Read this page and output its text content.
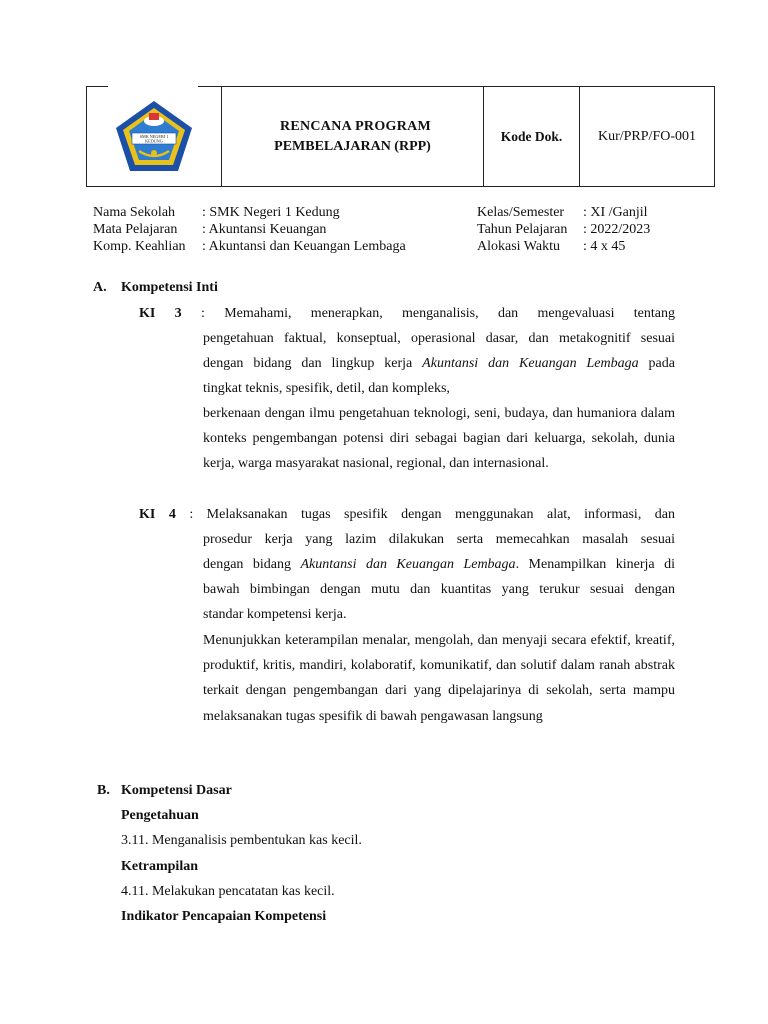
SMK NEGERI 1
KEDUNG
RENCANA PROGRAM
PEMBELAJARAN (RPP)
Kode Dok.	Kur/PRP/FO-001
Nama Sekolah	: SMK Negeri 1 Kedung
Mata Pelajaran	: Akuntansi Keuangan
Komp. Keahlian	: Akuntansi dan Keuangan Lembaga
Kelas/Semester	: XI /Ganjil
Tahun Pelajaran	: 2022/2023
Alokasi Waktu	: 4 x 45
A. Kompetensi Inti
KI 3 : Memahami, menerapkan, menganalisis, dan mengevaluasi tentang
pengetahuan faktual, konseptual, operasional dasar, dan metakognitif sesuai
dengan bidang dan lingkup kerja Akuntansi dan Keuangan Lembaga pada
tingkat teknis, spesifik, detil, dan kompleks,
berkenaan dengan ilmu pengetahuan teknologi, seni, budaya, dan humaniora dalam konteks pengembangan potensi diri sebagai bagian dari keluarga, sekolah, dunia kerja, warga masyarakat nasional, regional, dan internasional.
KI 4 : Melaksanakan tugas spesifik dengan menggunakan alat, informasi, dan
prosedur kerja yang lazim dilakukan serta memecahkan masalah sesuai
dengan bidang Akuntansi dan Keuangan Lembaga. Menampilkan kinerja di
bawah bimbingan dengan mutu dan kuantitas yang terukur sesuai dengan
standar kompetensi kerja.
Menunjukkan keterampilan menalar, mengolah, dan menyaji secara efektif, kreatif, produktif, kritis, mandiri, kolaboratif, komunikatif, dan solutif dalam ranah abstrak terkait dengan pengembangan dari yang dipelajarinya di sekolah, serta mampu melaksanakan tugas spesifik di bawah pengawasan langsung
B. Kompetensi Dasar
Pengetahuan
3.11. Menganalisis pembentukan kas kecil.
Ketrampilan
4.11. Melakukan pencatatan kas kecil.
Indikator Pencapaian Kompetensi
